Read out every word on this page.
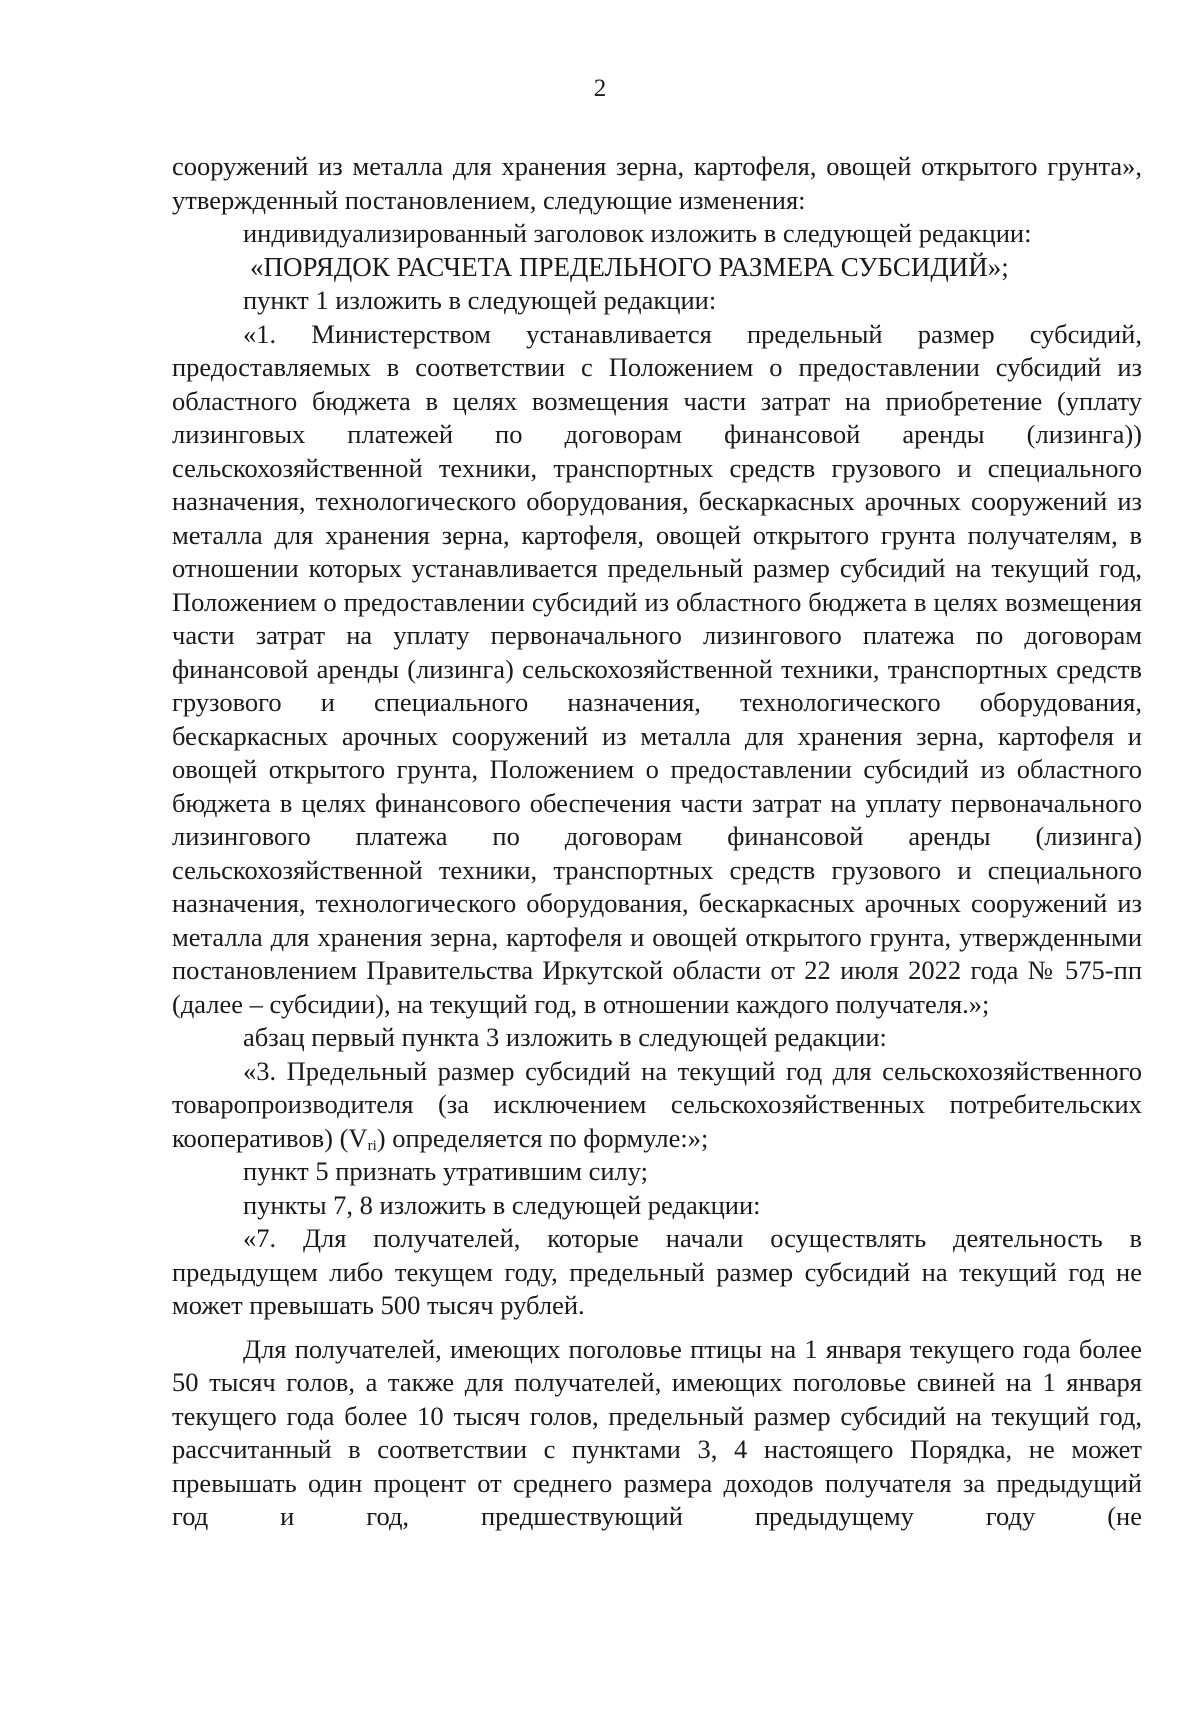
2

сооружений из металла для хранения зерна, картофеля, овощей открытого грунта», утвержденный постановлением, следующие изменения:

индивидуализированный заголовок изложить в следующей редакции:

«ПОРЯДОК РАСЧЕТА ПРЕДЕЛЬНОГО РАЗМЕРА СУБСИДИЙ»;

пункт 1 изложить в следующей редакции:

«1. Министерством устанавливается предельный размер субсидий, предоставляемых в соответствии с Положением о предоставлении субсидий из областного бюджета в целях возмещения части затрат на приобретение (уплату лизинговых платежей по договорам финансовой аренды (лизинга)) сельскохозяйственной техники, транспортных средств грузового и специального назначения, технологического оборудования, бескаркасных арочных сооружений из металла для хранения зерна, картофеля, овощей открытого грунта получателям, в отношении которых устанавливается предельный размер субсидий на текущий год, Положением о предоставлении субсидий из областного бюджета в целях возмещения части затрат на уплату первоначального лизингового платежа по договорам финансовой аренды (лизинга) сельскохозяйственной техники, транспортных средств грузового и специального назначения, технологического оборудования, бескаркасных арочных сооружений из металла для хранения зерна, картофеля и овощей открытого грунта, Положением о предоставлении субсидий из областного бюджета в целях финансового обеспечения части затрат на уплату первоначального лизингового платежа по договорам финансовой аренды (лизинга) сельскохозяйственной техники, транспортных средств грузового и специального назначения, технологического оборудования, бескаркасных арочных сооружений из металла для хранения зерна, картофеля и овощей открытого грунта, утвержденными постановлением Правительства Иркутской области от 22 июля 2022 года № 575-пп (далее – субсидии), на текущий год, в отношении каждого получателя.»;

абзац первый пункта 3 изложить в следующей редакции:

«3. Предельный размер субсидий на текущий год для сельскохозяйственного товаропроизводителя (за исключением сельскохозяйственных потребительских кооперативов) $(V_{ri})$ определяется по формуле:»;

пункт 5 признать утратившим силу;

пункты 7, 8 изложить в следующей редакции:

«7. Для получателей, которые начали осуществлять деятельность в предыдущем либо текущем году, предельный размер субсидий на текущий год не может превышать 500 тысяч рублей.

Для получателей, имеющих поголовье птицы на 1 января текущего года более 50 тысяч голов, а также для получателей, имеющих поголовье свиней на 1 января текущего года более 10 тысяч голов, предельный размер субсидий на текущий год, рассчитанный в соответствии с пунктами 3, 4 настоящего Порядка, не может превышать один процент от среднего размера доходов получателя за предыдущий год и год, предшествующий предыдущему году (не
